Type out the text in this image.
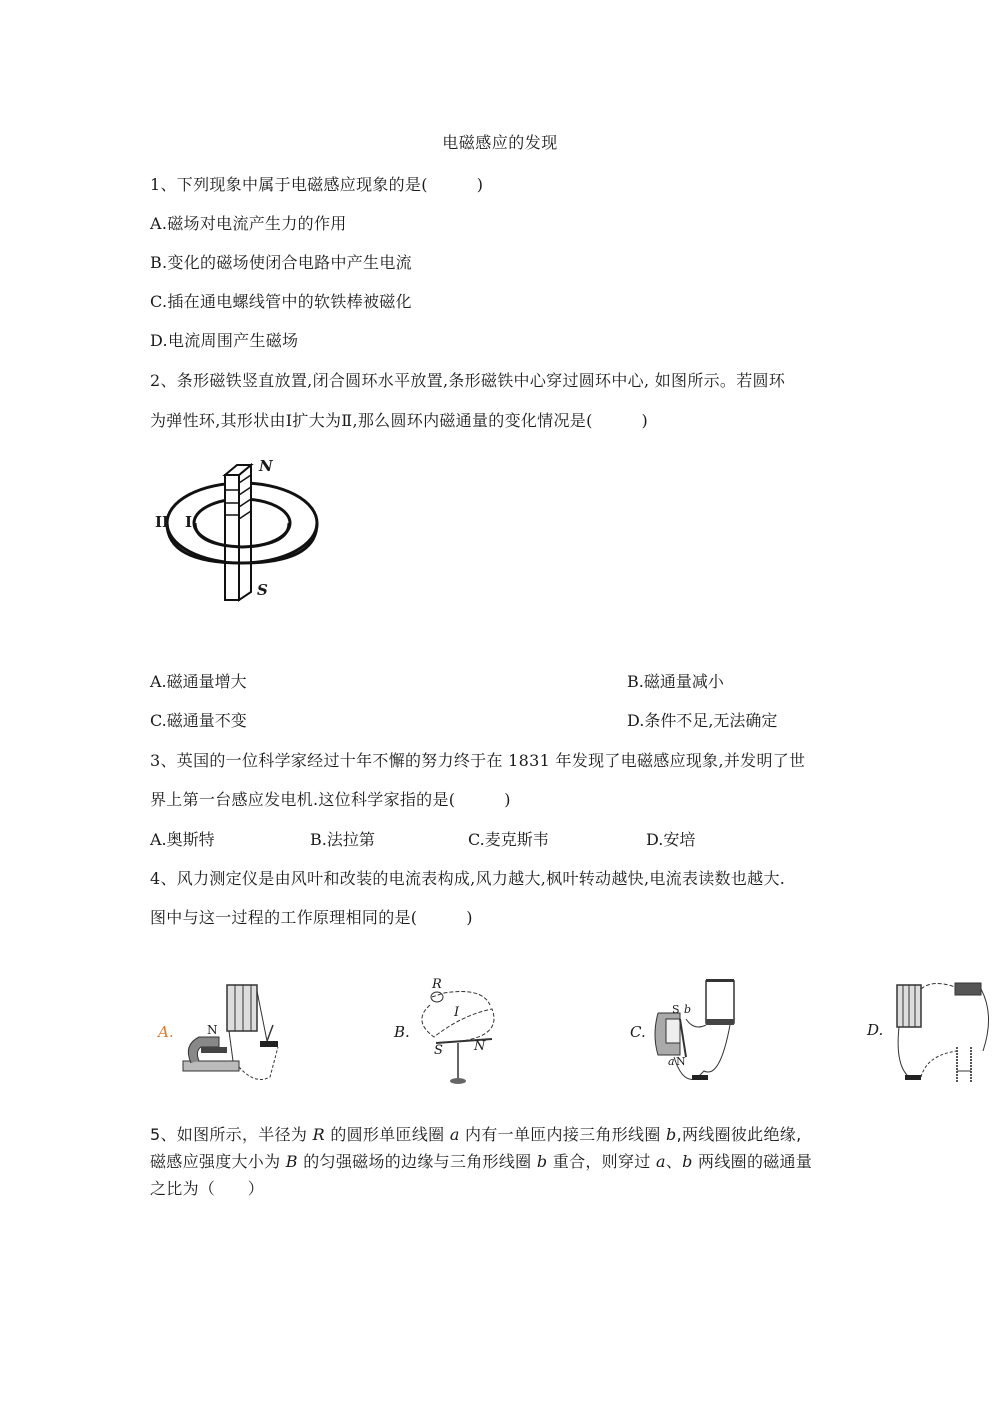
电磁感应的发现
1、下列现象中属于电磁感应现象的是(　　　)
A.磁场对电流产生力的作用
B.变化的磁场使闭合电路中产生电流
C.插在通电螺线管中的软铁棒被磁化
D.电流周围产生磁场
2、条形磁铁竖直放置,闭合圆环水平放置,条形磁铁中心穿过圆环中心, 如图所示。若圆环
为弹性环,其形状由Ⅰ扩大为Ⅱ,那么圆环内磁通量的变化情况是(　　　)
N
S
II I
A.磁通量增大	B.磁通量减小
C.磁通量不变	D.条件不足,无法确定
3、英国的一位科学家经过十年不懈的努力终于在 1831 年发现了电磁感应现象,并发明了世
界上第一台感应发电机.这位科学家指的是(　　　)
A.奥斯特	B.法拉第	C.麦克斯韦	D.安培
4、风力测定仪是由风叶和改装的电流表构成,风力越大,枫叶转动越快,电流表读数也越大.
图中与这一过程的工作原理相同的是(　　　)
A.	N	B.
R
I
S N
C.
S b
a N
D.
5、如图所示，半径为 R 的圆形单匝线圈 a 内有一单匝内接三角形线圈 b,两线圈彼此绝缘,
磁感应强度大小为 B 的匀强磁场的边缘与三角形线圈 b 重合，则穿过 a、b 两线圈的磁通量
之比为（　　）
